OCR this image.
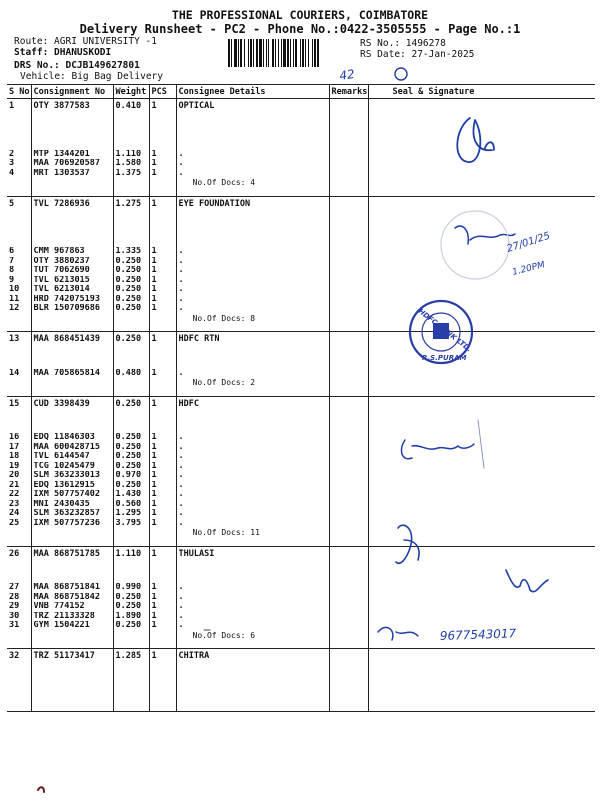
THE PROFESSIONAL COURIERS, COIMBATORE
Delivery Runsheet - PC2 - Phone No.:0422-3505555 - Page No.:1
Route: AGRI UNIVERSITY -1
Staff: DHANUSKODI
DRS No.: DCJB149627801
Vehicle: Big Bag Delivery
RS No.: 1496278
RS Date: 27-Jan-2025
S No	Consignment No	Weight	PCS	Consignee Details	Remarks	Seal & Signature
1	OTY 3877583	0.410	1	OPTICAL		

2	MTP 1344201	1.110	1	.		
3	MAA 706920587	1.580	1	.		
4	MRT 1303537	1.375	1	.		
				No.Of Docs: 4		
5	TVL 7286936	1.275	1	EYE FOUNDATION		

6	CMM 967863	1.335	1	.		
7	OTY 3880237	0.250	1	.		
8	TUT 7062690	0.250	1	.		
9	TVL 6213015	0.250	1	.		
10	TVL 6213014	0.250	1	.		
11	HRD 742075193	0.250	1	.		
12	BLR 150709686	0.250	1	.		
				No.Of Docs: 8		
13	MAA 868451439	0.250	1	HDFC RTN		

14	MAA 705865814	0.480	1	.		
				No.Of Docs: 2		
15	CUD 3398439	0.250	1	HDFC		

16	EDQ 11846303	0.250	1	.		
17	MAA 600428715	0.250	1	.		
18	TVL 6144547	0.250	1	.		
19	TCG 10245479	0.250	1	.		
20	SLM 363233013	0.970	1	.		
21	EDQ 13612915	0.250	1	.		
22	IXM 507757402	1.430	1	.		
23	MNI 2430435	0.560	1	.		
24	SLM 363232857	1.295	1	.		
25	IXM 507757236	3.795	1	.		
				No.Of Docs: 11		
26	MAA 868751785	1.110	1	THULASI		

27	MAA 868751841	0.990	1	.		
28	MAA 868751842	0.250	1	.		
29	VNB 774152	0.250	1	.		
30	TRZ 21133328	1.890	1	.		
31	GYM 1504221	0.250	1	.		
				No.Of Docs: 6		
32	TRZ 51173417	1.285	1	CHITRA		

42
27/01/25
1.20PM
HDFC BANK LTD.
R.S.PURAM
9677543017
